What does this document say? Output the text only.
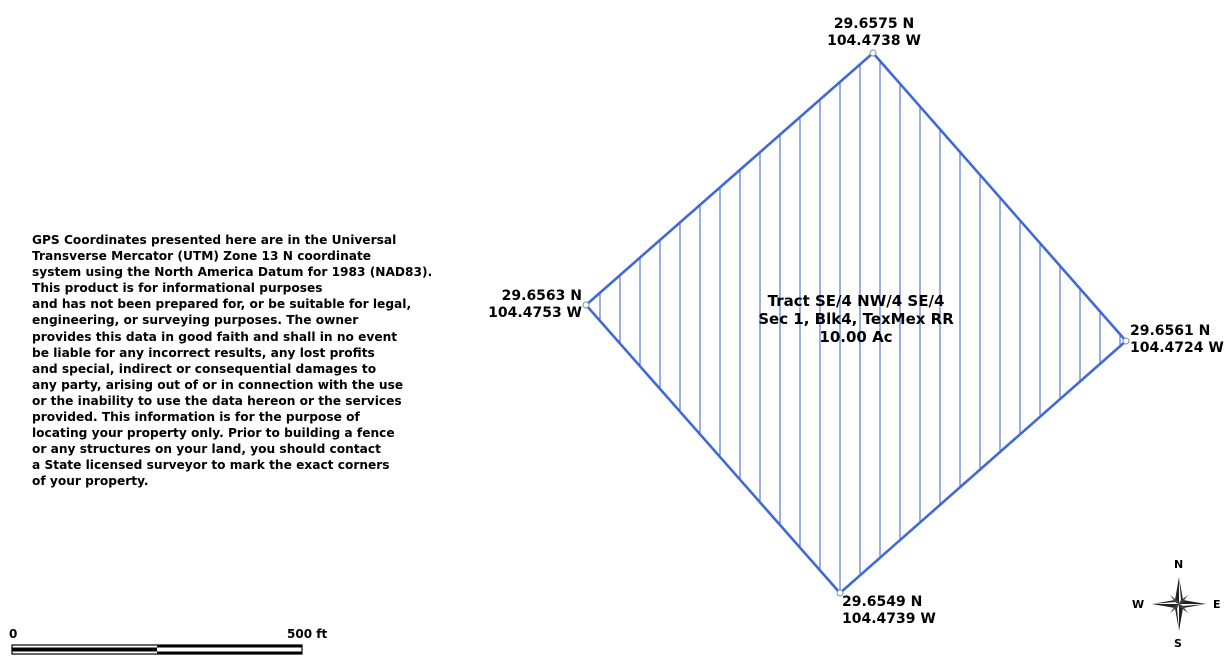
GPS Coordinates presented here are in the Universal
Transverse Mercator (UTM) Zone 13 N coordinate
system using the North America Datum for 1983 (NAD83).
This product is for informational purposes
and has not been prepared for, or be suitable for legal,
engineering, or surveying purposes. The owner
provides this data in good faith and shall in no event
be liable for any incorrect results, any lost profits
and special, indirect or consequential damages to
any party, arising out of or in connection with the use
or the inability to use the data hereon or the services
provided. This information is for the purpose of
locating your property only. Prior to building a fence
or any structures on your land, you should contact
a State licensed surveyor to mark the exact corners
of your property.
29.6575 N
104.4738 W
29.6563 N
104.4753 W
29.6561 N
104.4724 W
29.6549 N
104.4739 W
Tract SE/4 NW/4 SE/4
Sec 1, Blk4, TexMex RR
10.00 Ac
0	500 ft
N
S
W	E
